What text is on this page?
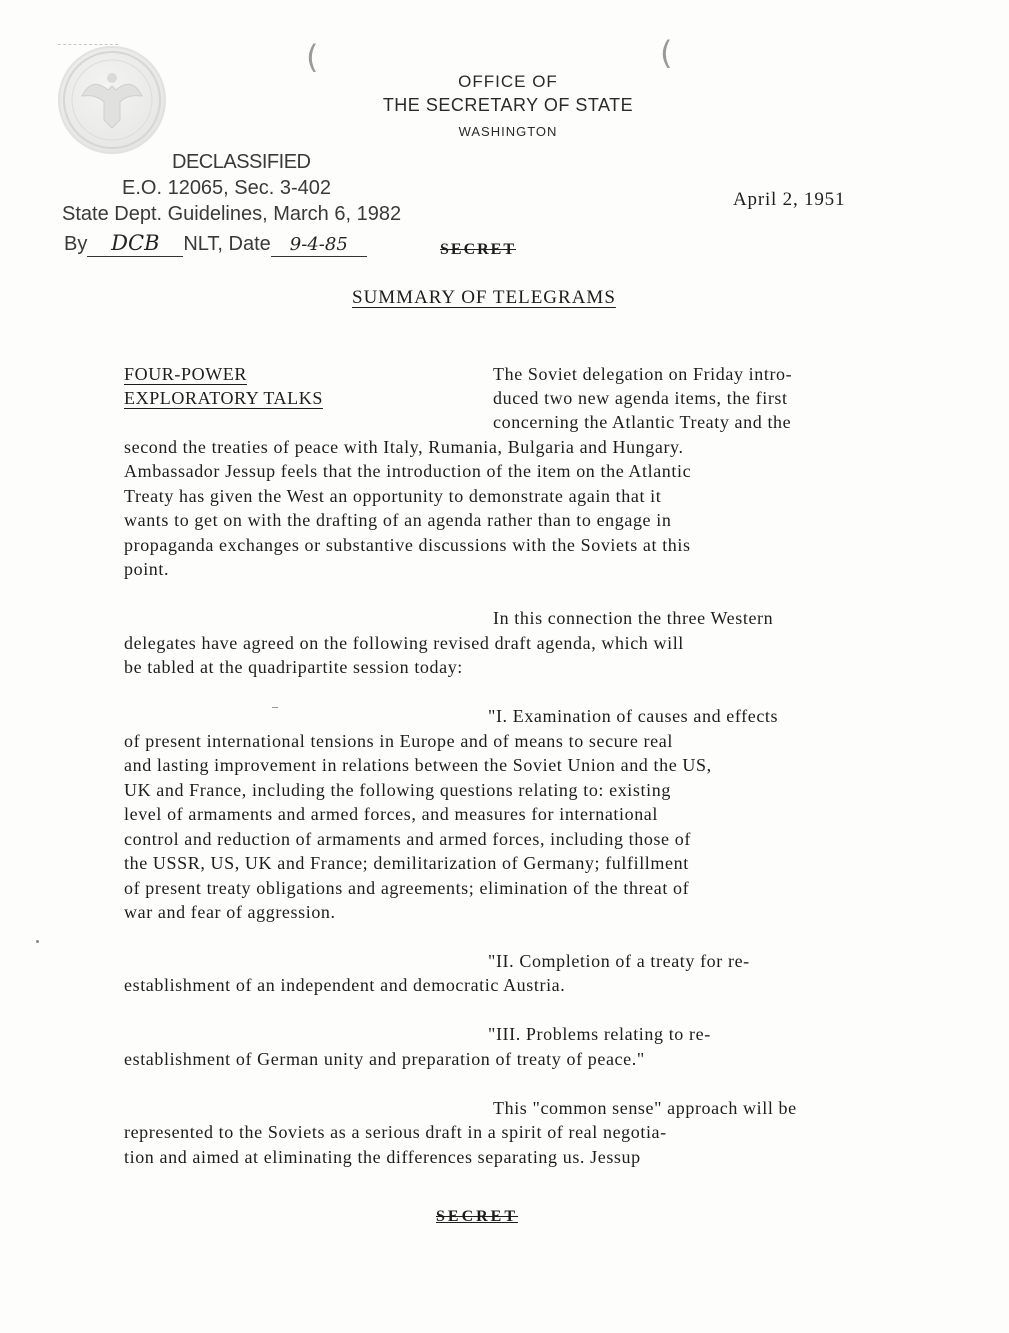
(	(
OFFICE OF
THE SECRETARY OF STATE
WASHINGTON
DECLASSIFIED
E.O. 12065, Sec. 3-402
State Dept. Guidelines, March 6, 1982
By DCB NLT, Date 9-4-85
April 2, 1951
SECRET
SUMMARY OF TELEGRAMS
FOUR-POWER
EXPLORATORY TALKS
The Soviet delegation on Friday intro-
duced two new agenda items, the first
concerning the Atlantic Treaty and the
second the treaties of peace with Italy, Rumania, Bulgaria and Hungary.
Ambassador Jessup feels that the introduction of the item on the Atlantic
Treaty has given the West an opportunity to demonstrate again that it
wants to get on with the drafting of an agenda rather than to engage in
propaganda exchanges or substantive discussions with the Soviets at this
point.
In this connection the three Western
delegates have agreed on the following revised draft agenda, which will
be tabled at the quadripartite session today:
"I. Examination of causes and effects
of present international tensions in Europe and of means to secure real
and lasting improvement in relations between the Soviet Union and the US,
UK and France, including the following questions relating to: existing
level of armaments and armed forces, and measures for international
control and reduction of armaments and armed forces, including those of
the USSR, US, UK and France; demilitarization of Germany; fulfillment
of present treaty obligations and agreements; elimination of the threat of
war and fear of aggression.
"II. Completion of a treaty for re-
establishment of an independent and democratic Austria.
"III. Problems relating to re-
establishment of German unity and preparation of treaty of peace."
This "common sense" approach will be
represented to the Soviets as a serious draft in a spirit of real negotia-
tion and aimed at eliminating the differences separating us. Jessup
SECRET
